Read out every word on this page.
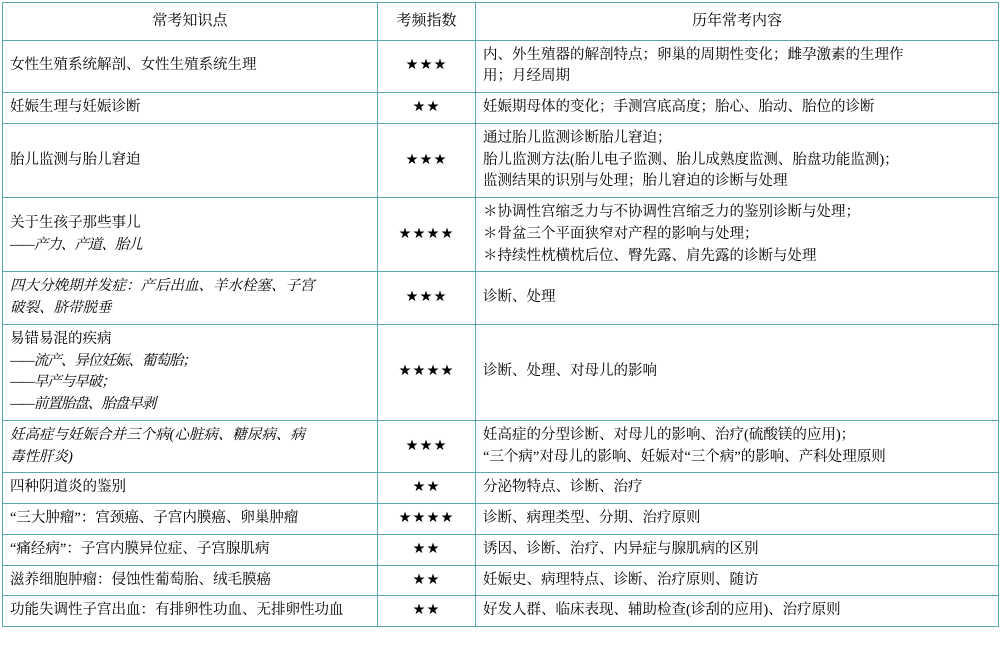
常考知识点	考频指数	历年常考内容

女性生殖系统解剖、女性生殖系统生理	★★★	内、外生殖器的解剖特点；卵巢的周期性变化；雌孕激素的生理作
用；月经周期

妊娠生理与妊娠诊断	★★	妊娠期母体的变化；手测宫底高度；胎心、胎动、胎位的诊断

胎儿监测与胎儿窘迫	★★★	通过胎儿监测诊断胎儿窘迫；
胎儿监测方法(胎儿电子监测、胎儿成熟度监测、胎盘功能监测)；
监测结果的识别与处理；胎儿窘迫的诊断与处理

关于生孩子那些事儿
——产力、产道、胎儿	★★★★	＊协调性宫缩乏力与不协调性宫缩乏力的鉴别诊断与处理；
＊骨盆三个平面狭窄对产程的影响与处理；
＊持续性枕横枕后位、臀先露、肩先露的诊断与处理

四大分娩期并发症：产后出血、羊水栓塞、子宫
破裂、脐带脱垂	★★★	诊断、处理

易错易混的疾病
——流产、异位妊娠、葡萄胎；
——早产与早破；
——前置胎盘、胎盘早剥	★★★★	诊断、处理、对母儿的影响

妊高症与妊娠合并三个病(心脏病、糖尿病、病
毒性肝炎)	★★★	妊高症的分型诊断、对母儿的影响、治疗(硫酸镁的应用)；
“三个病”对母儿的影响、妊娠对“三个病”的影响、产科处理原则

四种阴道炎的鉴别	★★	分泌物特点、诊断、治疗

“三大肿瘤”：宫颈癌、子宫内膜癌、卵巢肿瘤	★★★★	诊断、病理类型、分期、治疗原则

“痛经病”：子宫内膜异位症、子宫腺肌病	★★	诱因、诊断、治疗、内异症与腺肌病的区别

滋养细胞肿瘤：侵蚀性葡萄胎、绒毛膜癌	★★	妊娠史、病理特点、诊断、治疗原则、随访

功能失调性子宫出血：有排卵性功血、无排卵性功血	★★	好发人群、临床表现、辅助检查(诊刮的应用)、治疗原则
